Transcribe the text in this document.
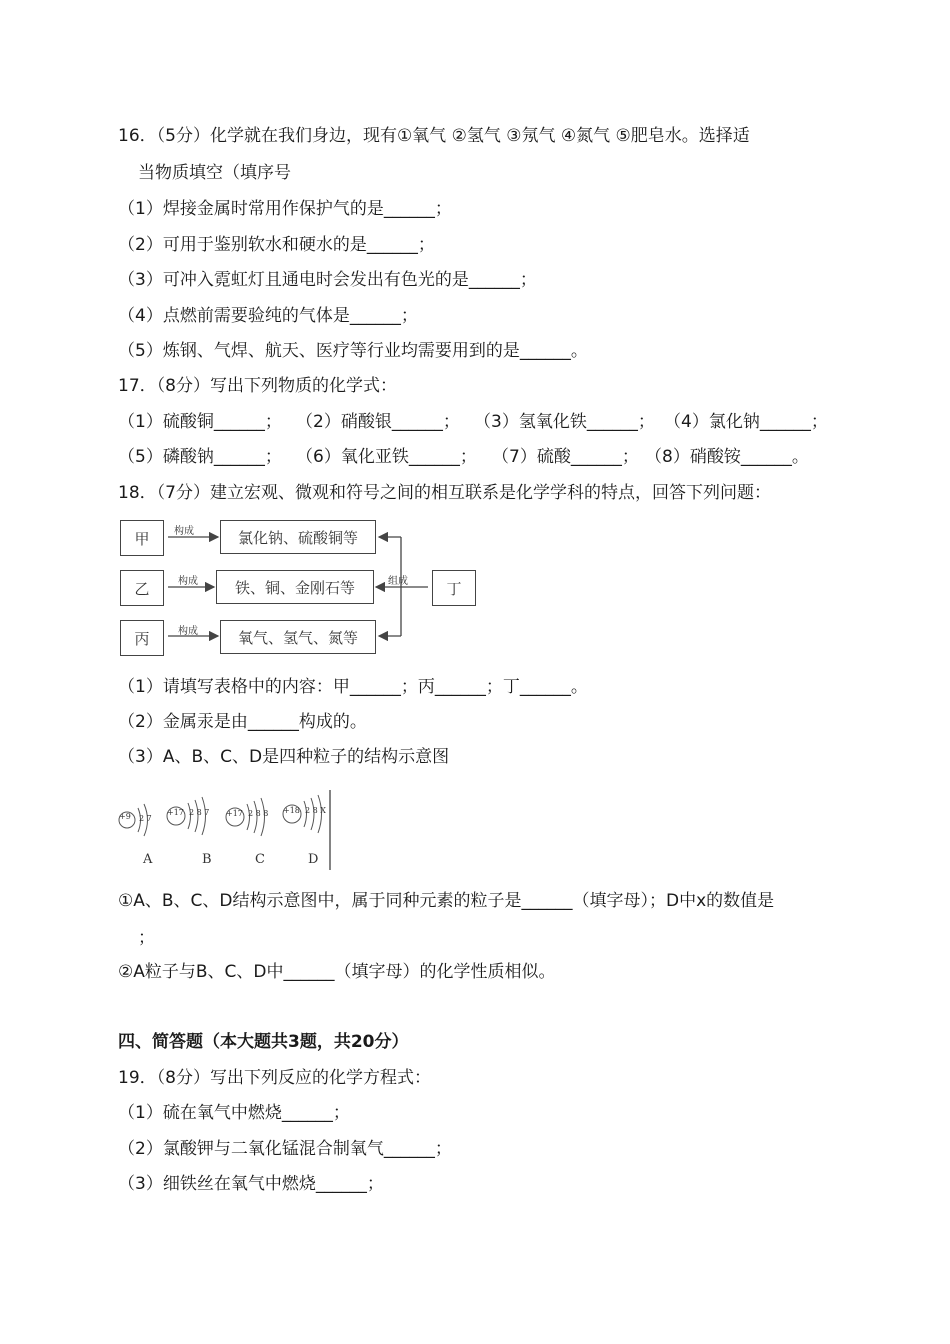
16．（5分）化学就在我们身边，现有①氧气 ②氢气 ③氖气 ④氮气 ⑤肥皂水。选择适
当物质填空（填序号
（1）焊接金属时常用作保护气的是______；
（2）可用于鉴别软水和硬水的是______；
（3）可冲入霓虹灯且通电时会发出有色光的是______；
（4）点燃前需要验纯的气体是______；
（5）炼钢、气焊、航天、医疗等行业均需要用到的是______。
17．（8分）写出下列物质的化学式：
（1）硫酸铜______； （2）硝酸银______； （3）氢氧化铁______； （4）氯化钠______；
（5）磷酸钠______； （6）氧化亚铁______； （7）硫酸______； （8）硝酸铵______。
18．（7分）建立宏观、微观和符号之间的相互联系是化学学科的特点，回答下列问题：
甲
乙
丙
氯化钠、硫酸铜等
铁、铜、金刚石等
氧气、氢气、氮等
丁
构成
构成
构成
组成
（1）请填写表格中的内容：甲______；丙______；丁______。
（2）金属汞是由______构成的。
（3）A、B、C、D是四种粒子的结构示意图
+9 2 7
+17 2 8 7 +17 2 8 8 +18 2 8 X
A	B	C	D
①A、B、C、D结构示意图中，属于同种元素的粒子是______（填字母）；D中x的数值是
；
②A粒子与B、C、D中______（填字母）的化学性质相似。
四、简答题（本大题共3题，共20分）
19．（8分）写出下列反应的化学方程式：
（1）硫在氧气中燃烧______；
（2）氯酸钾与二氧化锰混合制氧气______；
（3）细铁丝在氧气中燃烧______；
